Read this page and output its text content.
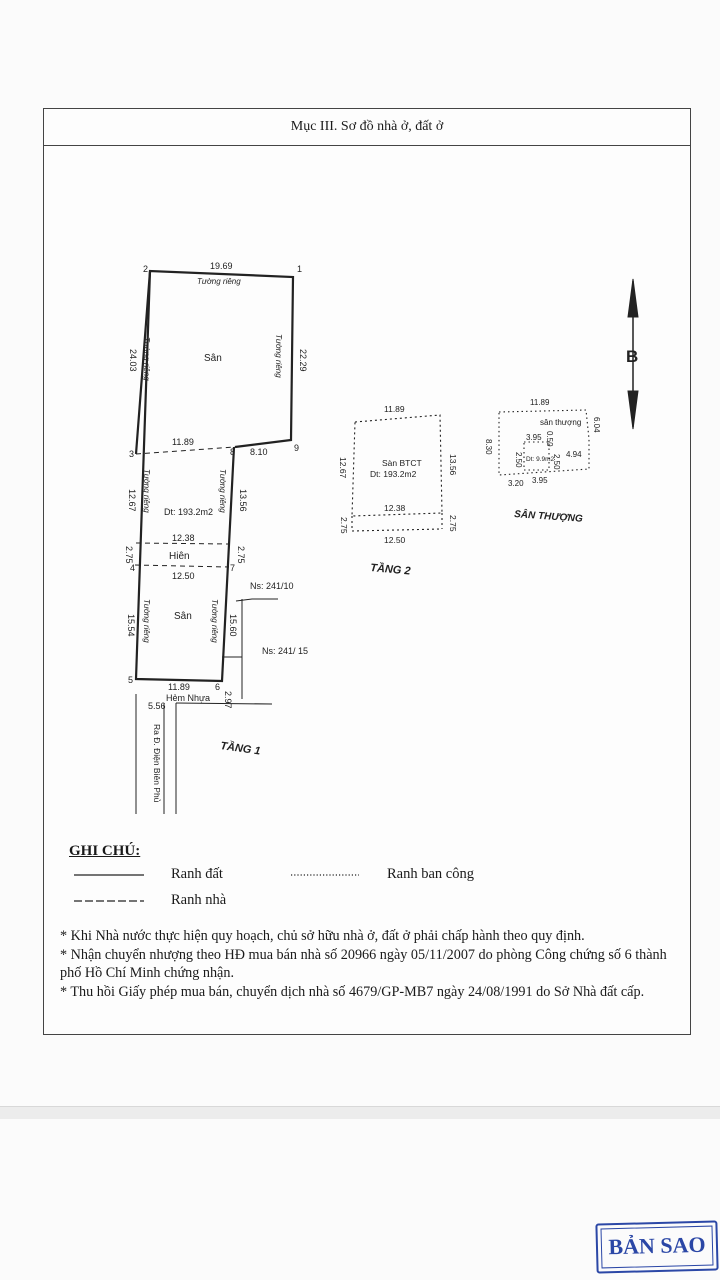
Mục III. Sơ đồ nhà ở, đất ở
19.69
Tường riêng
1
2
22.29
Tường riêng
24.03 Tường riêng	Sân
3
11.89
8 8.10	9
12.67 Tường riêng	13.56
Tường riêng
Dt: 193.2m2
12.38
2.75	Hiên	2.75
4	7
12.50
Ns: 241/10
Sân
Tường riêng
15.54	Tường riêng 15.60
Ns: 241/ 15
5
11.89	6
2.97
Hẻm Nhựa
5.56
Ra Đ. Điện Biên Phủ	TẦNG 1
11.89
12.67	Sàn BTCT
Dt: 193.2m2	13.56
12.38
2.75	2.75
12.50
TẦNG 2
11.89
sân thượng 6.04
8.30
3.95 0.50
2.50 Dt: 9.9m2
2.50 4.94
3.20 3.95
SÂN THƯỢNG
B
GHI CHÚ:
Ranh đất	Ranh ban công
Ranh nhà

* Khi Nhà nước thực hiện quy hoạch, chủ sở hữu nhà ở, đất ở phải chấp hành theo quy định.

* Nhận chuyển nhượng theo HĐ mua bán nhà số 20966 ngày 05/11/2007 do phòng Công chứng số 6 thành phố Hồ Chí Minh chứng nhận.

* Thu hồi Giấy phép mua bán, chuyển dịch nhà số 4679/GP-MB7 ngày 24/08/1991 do Sở Nhà đất cấp.

BẢN SAO
